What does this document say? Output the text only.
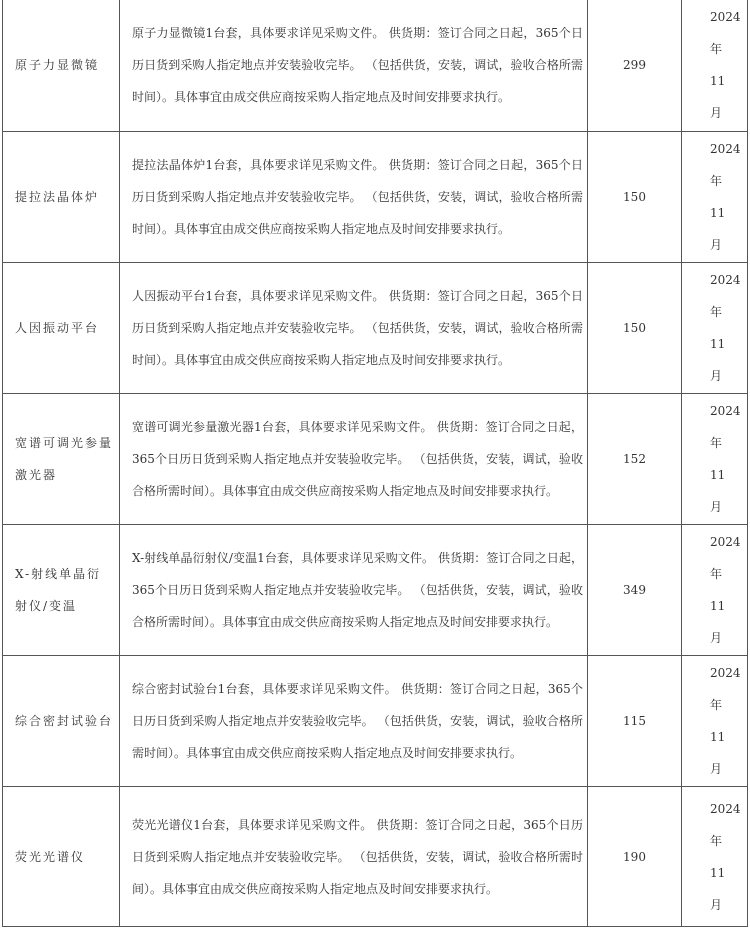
原子力显微镜	原子力显微镜1台套，具体要求详见采购文件。 供货期：签订合同之日起，365个日历日货到采购人指定地点并安装验收完毕。 （包括供货，安装，调试，验收合格所需时间）。具体事宜由成交供应商按采购人指定地点及时间安排要求执行。	299	2024年11月
提拉法晶体炉	提拉法晶体炉1台套，具体要求详见采购文件。 供货期：签订合同之日起，365个日历日货到采购人指定地点并安装验收完毕。 （包括供货，安装，调试，验收合格所需时间）。具体事宜由成交供应商按采购人指定地点及时间安排要求执行。	150	2024年11月
人因振动平台	人因振动平台1台套，具体要求详见采购文件。 供货期：签订合同之日起，365个日历日货到采购人指定地点并安装验收完毕。 （包括供货，安装，调试，验收合格所需时间）。具体事宜由成交供应商按采购人指定地点及时间安排要求执行。	150	2024年11月
宽谱可调光参量激光器	宽谱可调光参量激光器1台套，具体要求详见采购文件。 供货期：签订合同之日起，365个日历日货到采购人指定地点并安装验收完毕。 （包括供货，安装，调试，验收合格所需时间）。具体事宜由成交供应商按采购人指定地点及时间安排要求执行。	152	2024年11月
X-射线单晶衍射仪/变温	X-射线单晶衍射仪/变温1台套，具体要求详见采购文件。 供货期：签订合同之日起，365个日历日货到采购人指定地点并安装验收完毕。 （包括供货，安装，调试，验收合格所需时间）。具体事宜由成交供应商按采购人指定地点及时间安排要求执行。	349	2024年11月
综合密封试验台	综合密封试验台1台套，具体要求详见采购文件。 供货期：签订合同之日起，365个日历日货到采购人指定地点并安装验收完毕。 （包括供货，安装，调试，验收合格所需时间）。具体事宜由成交供应商按采购人指定地点及时间安排要求执行。	115	2024年11月
荧光光谱仪	荧光光谱仪1台套，具体要求详见采购文件。 供货期：签订合同之日起，365个日历日货到采购人指定地点并安装验收完毕。 （包括供货，安装，调试，验收合格所需时间）。具体事宜由成交供应商按采购人指定地点及时间安排要求执行。	190	2024年11月
